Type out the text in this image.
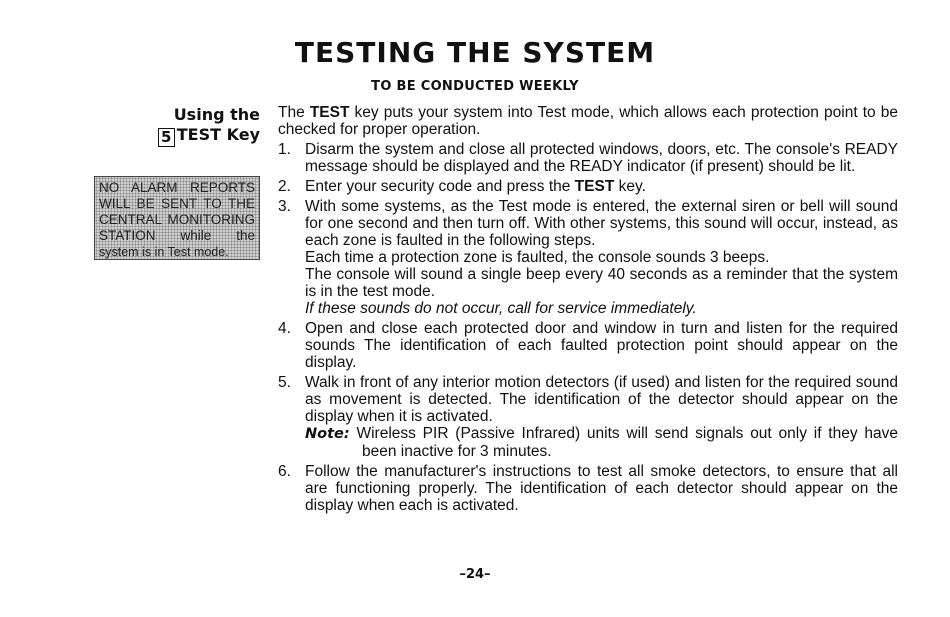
TESTING THE SYSTEM
TO BE CONDUCTED WEEKLY
Using the
5 TEST Key
NO ALARM REPORTS
WILL BE SENT TO THE
CENTRAL MONITORING
STATION while the
system is in Test mode.

The TEST key puts your system into Test mode, which allows each protection point to be checked for proper operation.

1. Disarm the system and close all protected windows, doors, etc. The console's READY message should be displayed and the READY indicator (if present) should be lit.
2. Enter your security code and press the TEST key.
3. With some systems, as the Test mode is entered, the external siren or bell will sound for one second and then turn off. With other systems, this sound will occur, instead, as each zone is faulted in the following steps.

Each time a protection zone is faulted, the console sounds 3 beeps.

The console will sound a single beep every 40 seconds as a reminder that the system is in the test mode.

If these sounds do not occur, call for service immediately.

4. Open and close each protected door and window in turn and listen for the required sounds The identification of each faulted protection point should appear on the display.
5. Walk in front of any interior motion detectors (if used) and listen for the required sound as movement is detected. The identification of the detector should appear on the display when it is activated.

Note: Wireless PIR (Passive Infrared) units will send signals out only if they have been inactive for 3 minutes.

6. Follow the manufacturer's instructions to test all smoke detectors, to ensure that all are functioning properly. The identification of each detector should appear on the display when each is activated.
–24–
